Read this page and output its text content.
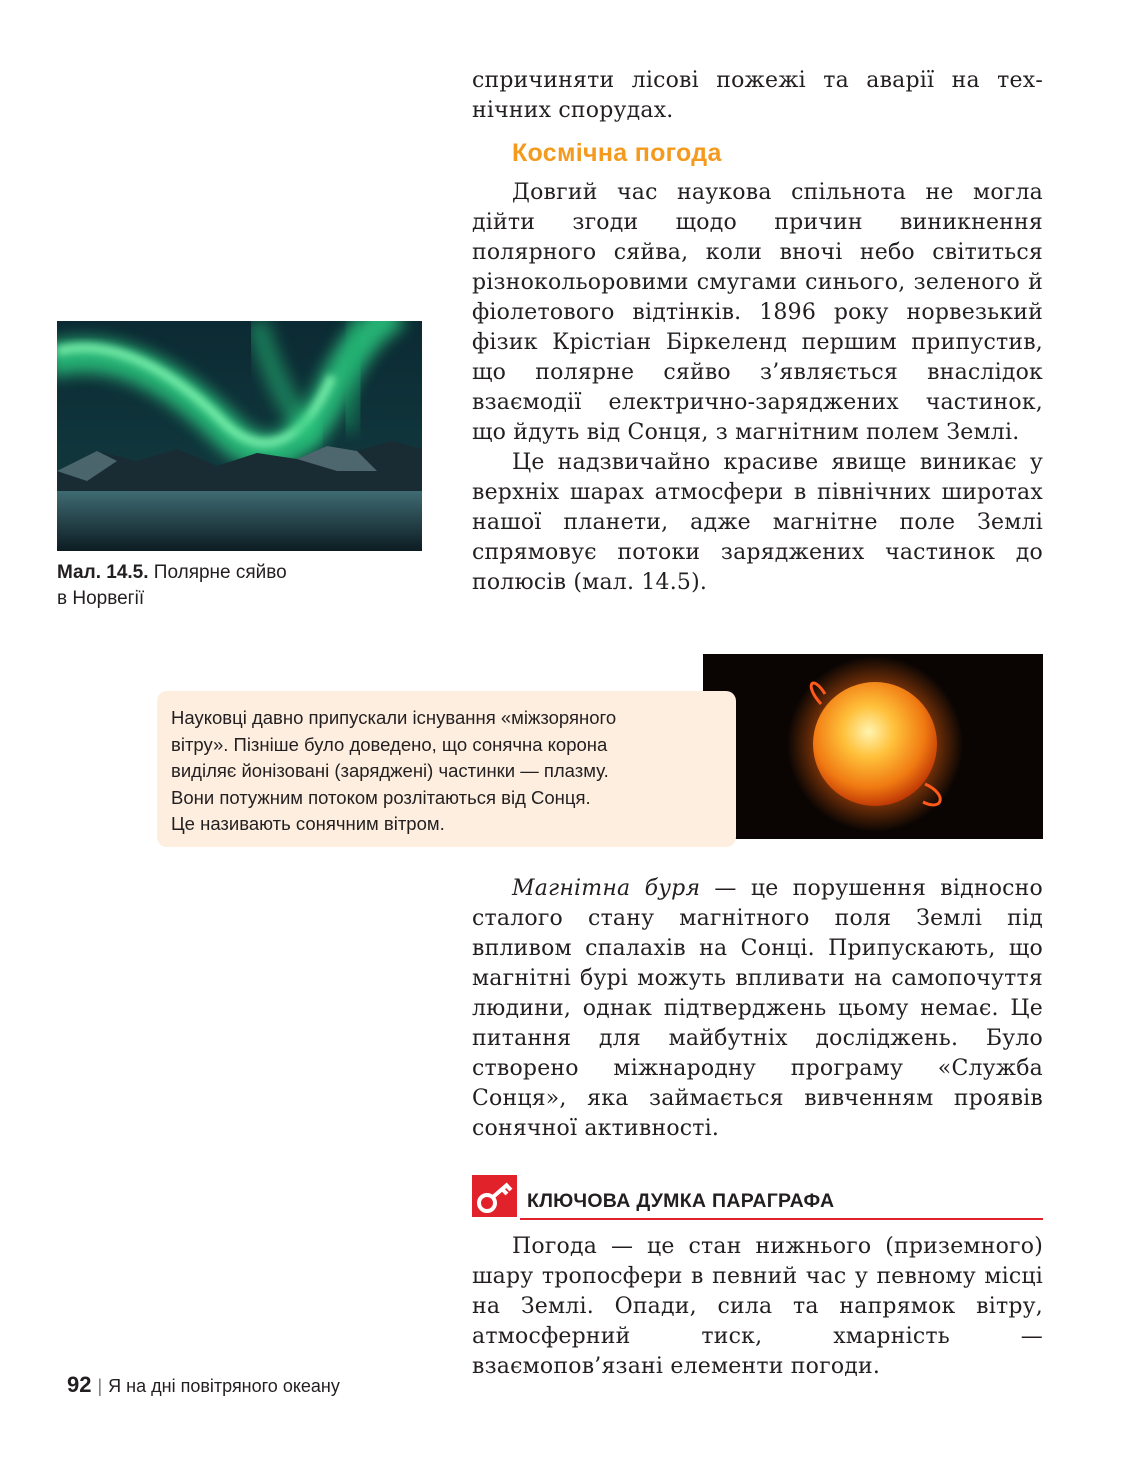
спричиняти лісові пожежі та аварії на тех-

нічних спорудах.

Космічна погода

Довгий час наукова спільнота не могла дійти згоди щодо причин виникнення полярного сяйва, коли вночі небо світиться різнокольоровими смугами синього, зеленого й фіолетового відтінків. 1896 року норвезький фізик Крістіан Біркеленд першим припустив, що полярне сяйво з’являється внаслідок взаємодії електрично-заряджених частинок, що йдуть від Сонця, з магнітним полем Землі.

Це надзвичайно красиве явище виникає у верхніх шарах атмосфери в північних широтах нашої планети, адже магнітне поле Землі спрямовує потоки заряджених частинок до полюсів (мал. 14.5).

Мал. 14.5. Полярне сяйво
в Норвегії
Науковці давно припускали існування «міжзоряного
вітру». Пізніше було доведено, що сонячна корона
виділяє йонізовані (заряджені) частинки — плазму.
Вони потужним потоком розлітаються від Сонця.
Це називають сонячним вітром.

Магнітна буря — це порушення відносно сталого стану магнітного поля Землі під впливом спалахів на Сонці. Припускають, що магнітні бурі можуть впливати на самопочуття людини, однак підтверджень цьому немає. Це питання для майбутніх досліджень. Було створено міжнародну програму «Служба Сонця», яка займається вивченням проявів сонячної активності.

КЛЮЧОВА ДУМКА ПАРАГРАФА

Погода — це стан нижнього (приземного) шару тропосфери в певний час у певному місці на Землі. Опади, сила та напрямок вітру, атмосферний тиск, хмарність — взаємопов’язані елементи погоди.

92 | Я на дні повітряного океану
